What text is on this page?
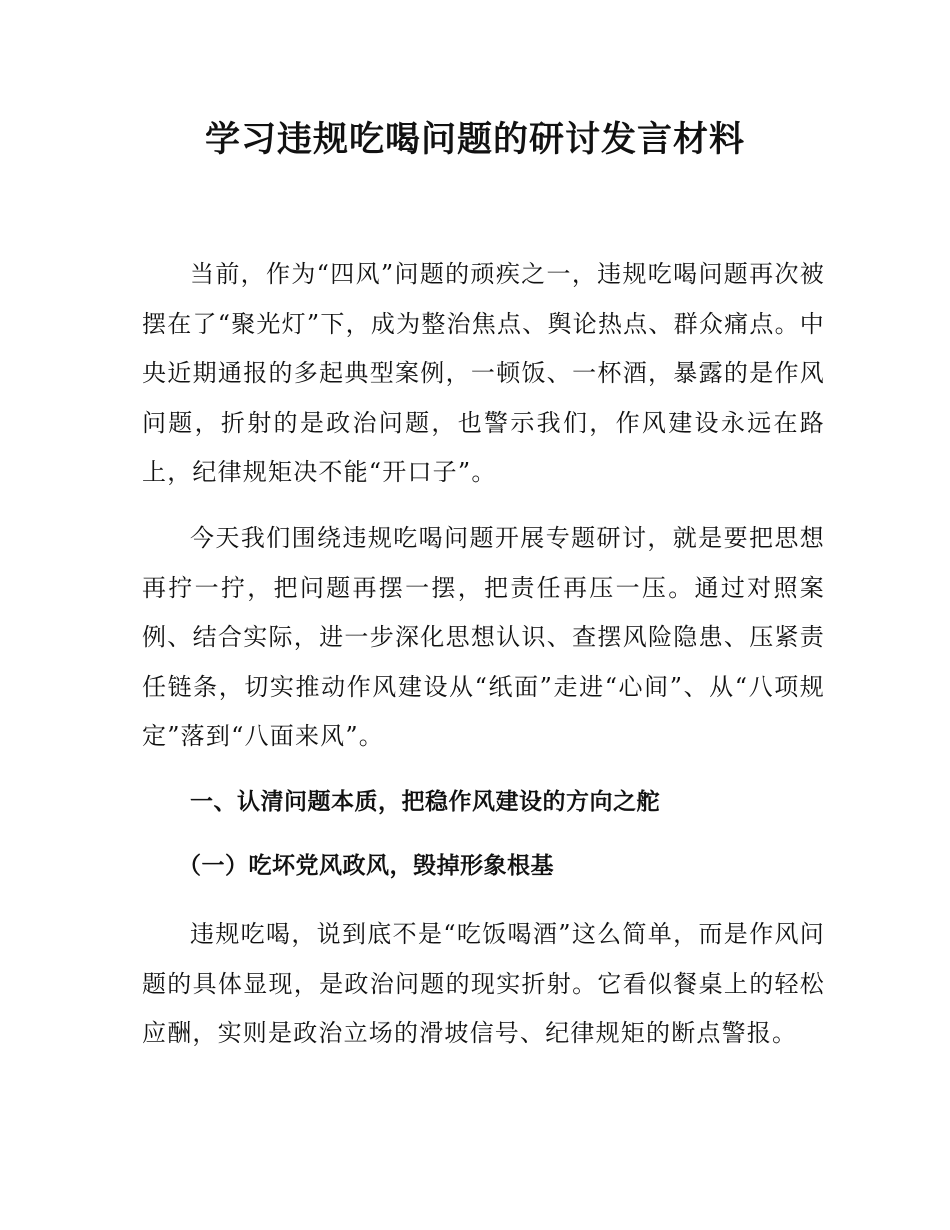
学习违规吃喝问题的研讨发言材料

当前，作为“四风”问题的顽疾之一，违规吃喝问题再次被摆在了“聚光灯”下，成为整治焦点、舆论热点、群众痛点。中央近期通报的多起典型案例，一顿饭、一杯酒，暴露的是作风问题，折射的是政治问题，也警示我们，作风建设永远在路上，纪律规矩决不能“开口子”。

今天我们围绕违规吃喝问题开展专题研讨，就是要把思想再拧一拧，把问题再摆一摆，把责任再压一压。通过对照案例、结合实际，进一步深化思想认识、查摆风险隐患、压紧责任链条，切实推动作风建设从“纸面”走进“心间”、从“八项规定”落到“八面来风”。

一、认清问题本质，把稳作风建设的方向之舵
（一）吃坏党风政风，毁掉形象根基

违规吃喝，说到底不是“吃饭喝酒”这么简单，而是作风问题的具体显现，是政治问题的现实折射。它看似餐桌上的轻松应酬，实则是政治立场的滑坡信号、纪律规矩的断点警报。
